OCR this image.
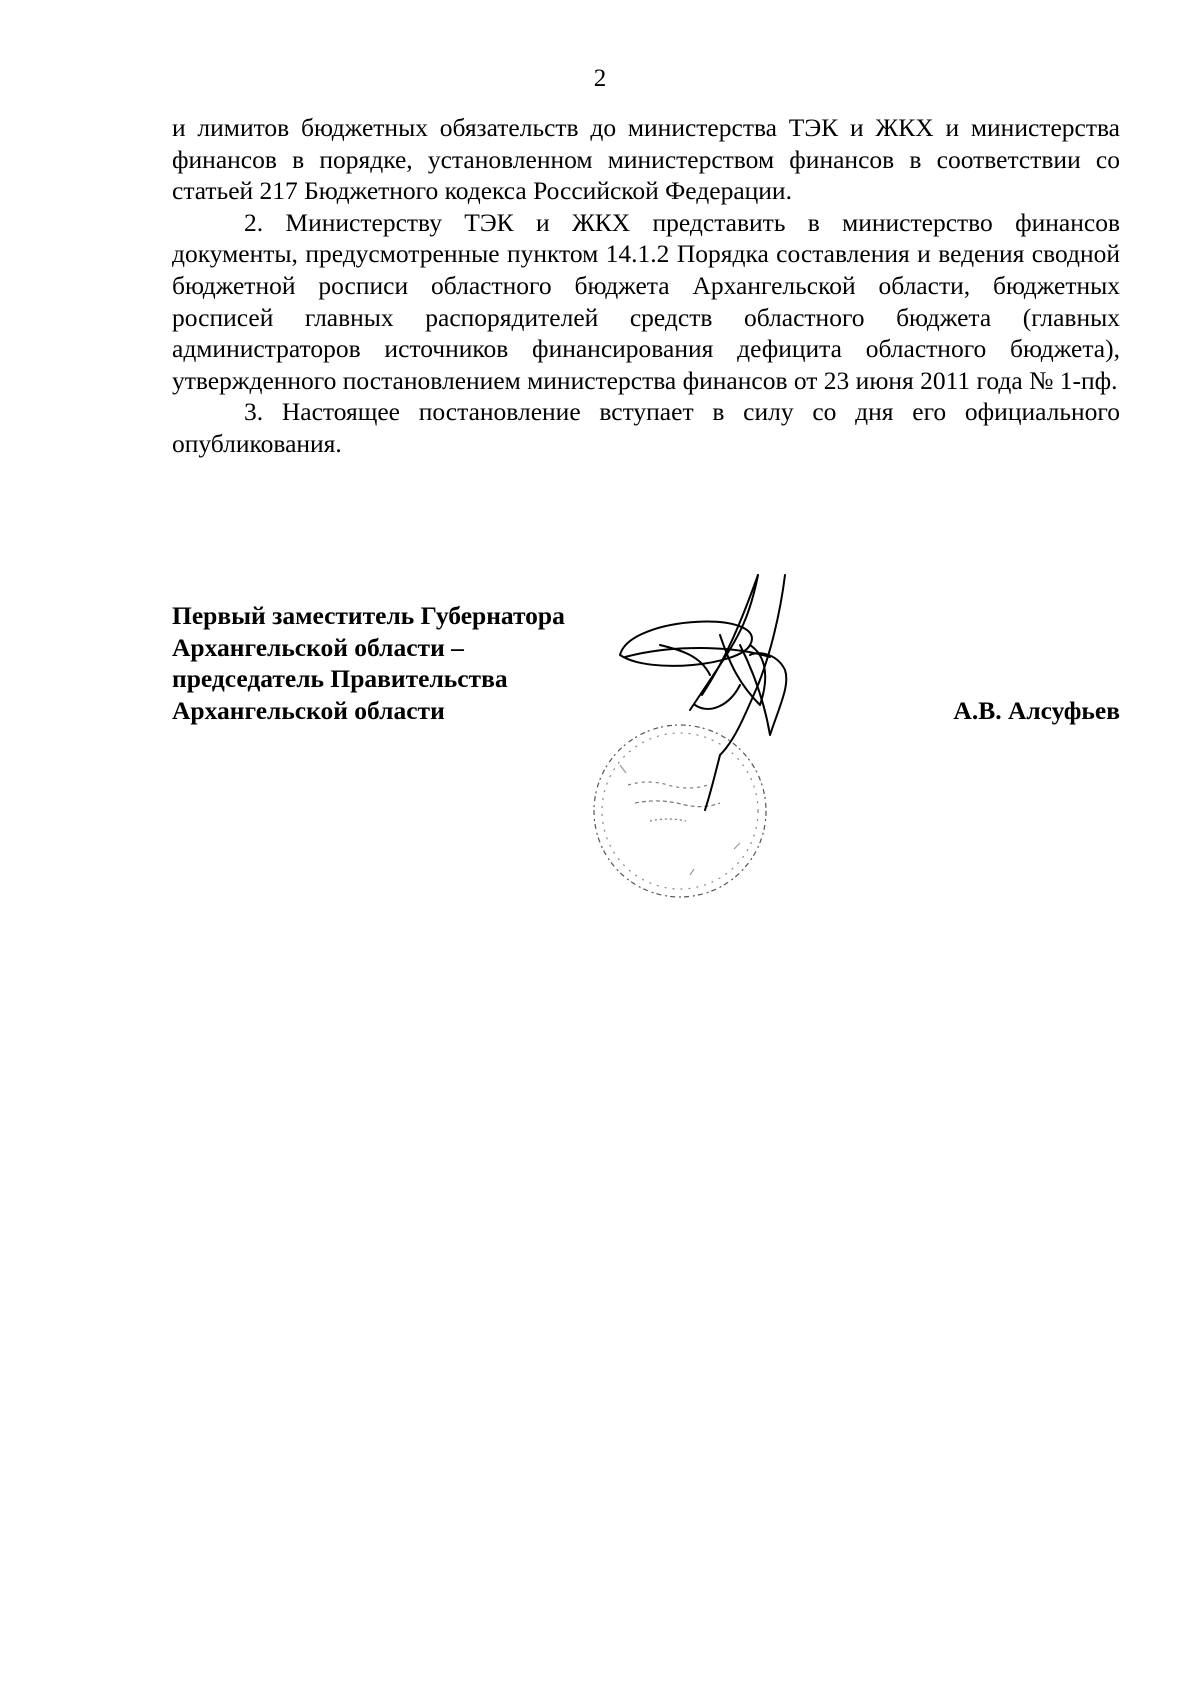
2

и лимитов бюджетных обязательств до министерства ТЭК и ЖКХ и министерства финансов в порядке, установленном министерством финансов в соответствии со статьей 217 Бюджетного кодекса Российской Федерации.

2. Министерству ТЭК и ЖКХ представить в министерство финансов документы, предусмотренные пунктом 14.1.2 Порядка составления и ведения сводной бюджетной росписи областного бюджета Архангельской области, бюджетных росписей главных распорядителей средств областного бюджета (главных администраторов источников финансирования дефицита областного бюджета), утвержденного постановлением министерства финансов от 23 июня 2011 года № 1-пф.

3. Настоящее постановление вступает в силу со дня его официального опубликования.

Первый заместитель Губернатора
Архангельской области –
председатель Правительства
Архангельской области	А.В. Алсуфьев
